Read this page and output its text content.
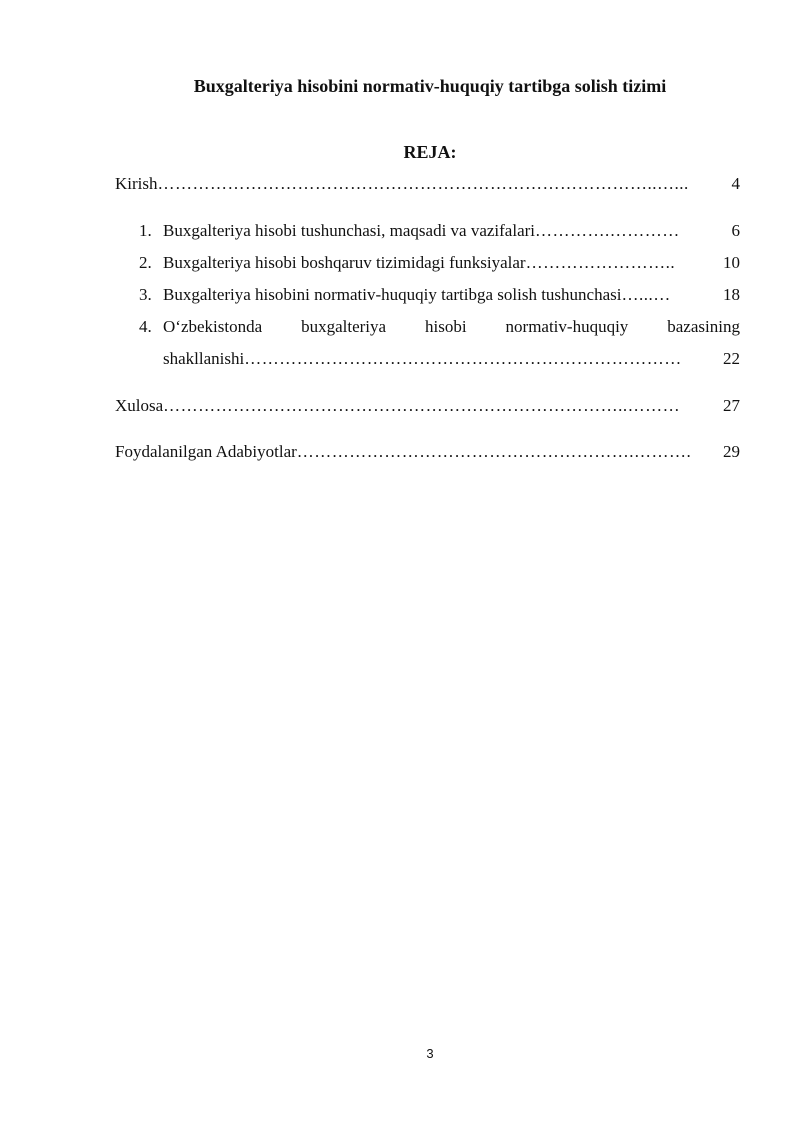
Buxgalteriya hisobini normativ-huquqiy tartibga solish tizimi
REJA:
Kirish …………………………………………………………………………..…...	4
1. Buxgalteriya hisobi tushunchasi, maqsadi va vazifalari ………….…………	6
2. Buxgalteriya hisobi boshqaruv tizimidagi funksiyalar ……………………..	10
3. Buxgalteriya hisobini normativ-huquqiy tartibga solish tushunchasi …...…	18
4. O‘zbekistonda buxgalteriya hisobi normativ-huquqiy bazasining
shakllanishi …………………………………………………………………	22
Xulosa ……………………………………………………………………..………	27
Foydalanilgan Adabiyotlar ………………………………………………….……….	29
3
